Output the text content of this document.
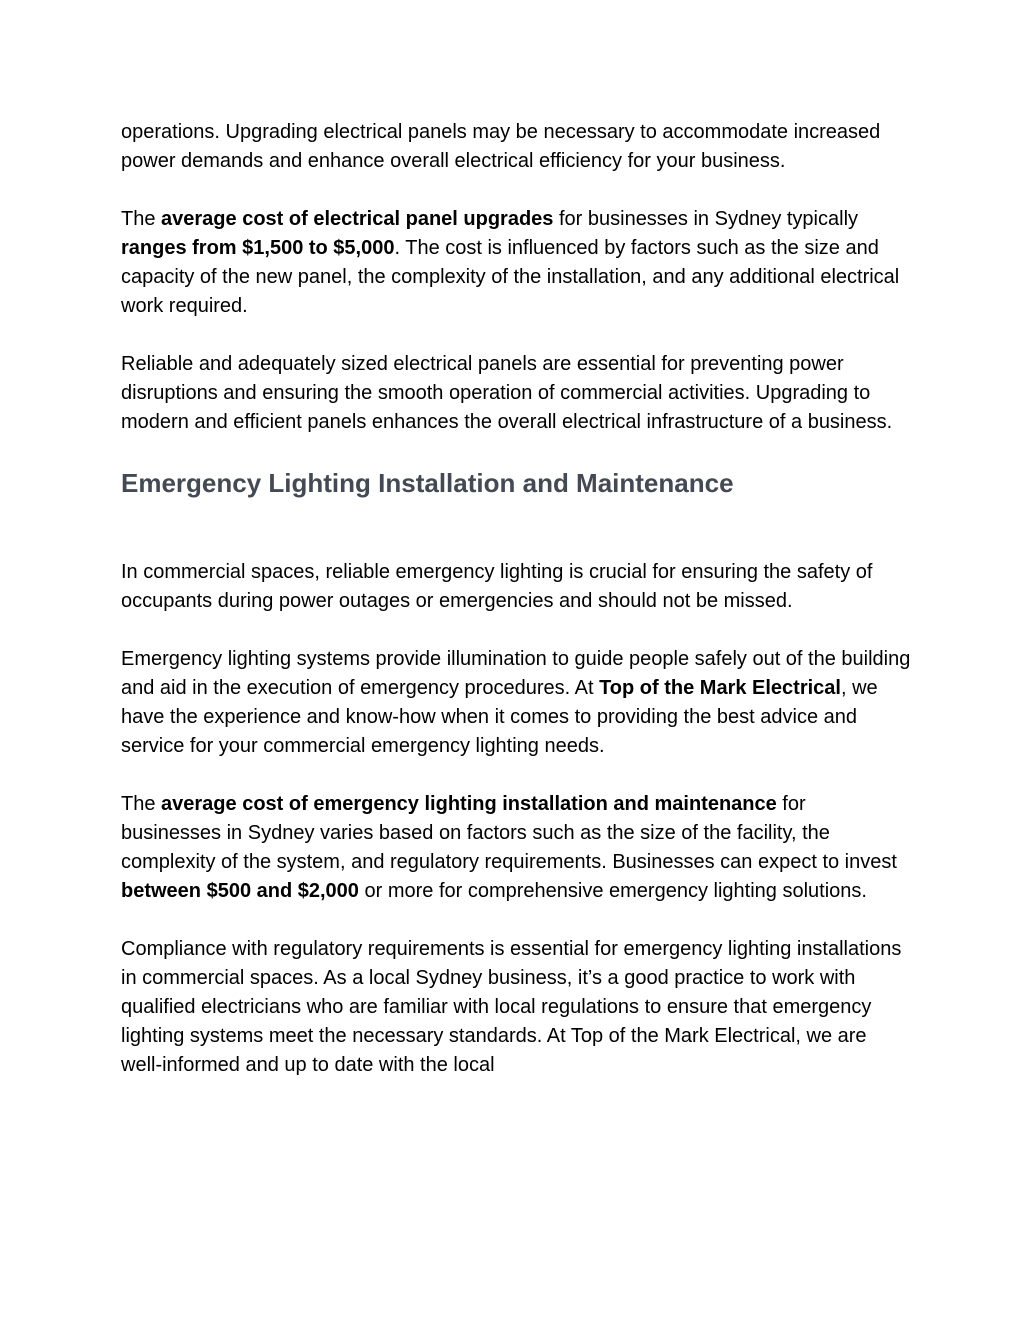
operations. Upgrading electrical panels may be necessary to accommodate increased power demands and enhance overall electrical efficiency for your business.

The average cost of electrical panel upgrades for businesses in Sydney typically ranges from $1,500 to $5,000. The cost is influenced by factors such as the size and capacity of the new panel, the complexity of the installation, and any additional electrical work required.

Reliable and adequately sized electrical panels are essential for preventing power disruptions and ensuring the smooth operation of commercial activities. Upgrading to modern and efficient panels enhances the overall electrical infrastructure of a business.

Emergency Lighting Installation and Maintenance

In commercial spaces, reliable emergency lighting is crucial for ensuring the safety of occupants during power outages or emergencies and should not be missed.

Emergency lighting systems provide illumination to guide people safely out of the building and aid in the execution of emergency procedures. At Top of the Mark Electrical, we have the experience and know-how when it comes to providing the best advice and service for your commercial emergency lighting needs.

The average cost of emergency lighting installation and maintenance for businesses in Sydney varies based on factors such as the size of the facility, the complexity of the system, and regulatory requirements. Businesses can expect to invest between $500 and $2,000 or more for comprehensive emergency lighting solutions.

Compliance with regulatory requirements is essential for emergency lighting installations in commercial spaces. As a local Sydney business, it’s a good practice to work with qualified electricians who are familiar with local regulations to ensure that emergency lighting systems meet the necessary standards. At Top of the Mark Electrical, we are well-informed and up to date with the local
